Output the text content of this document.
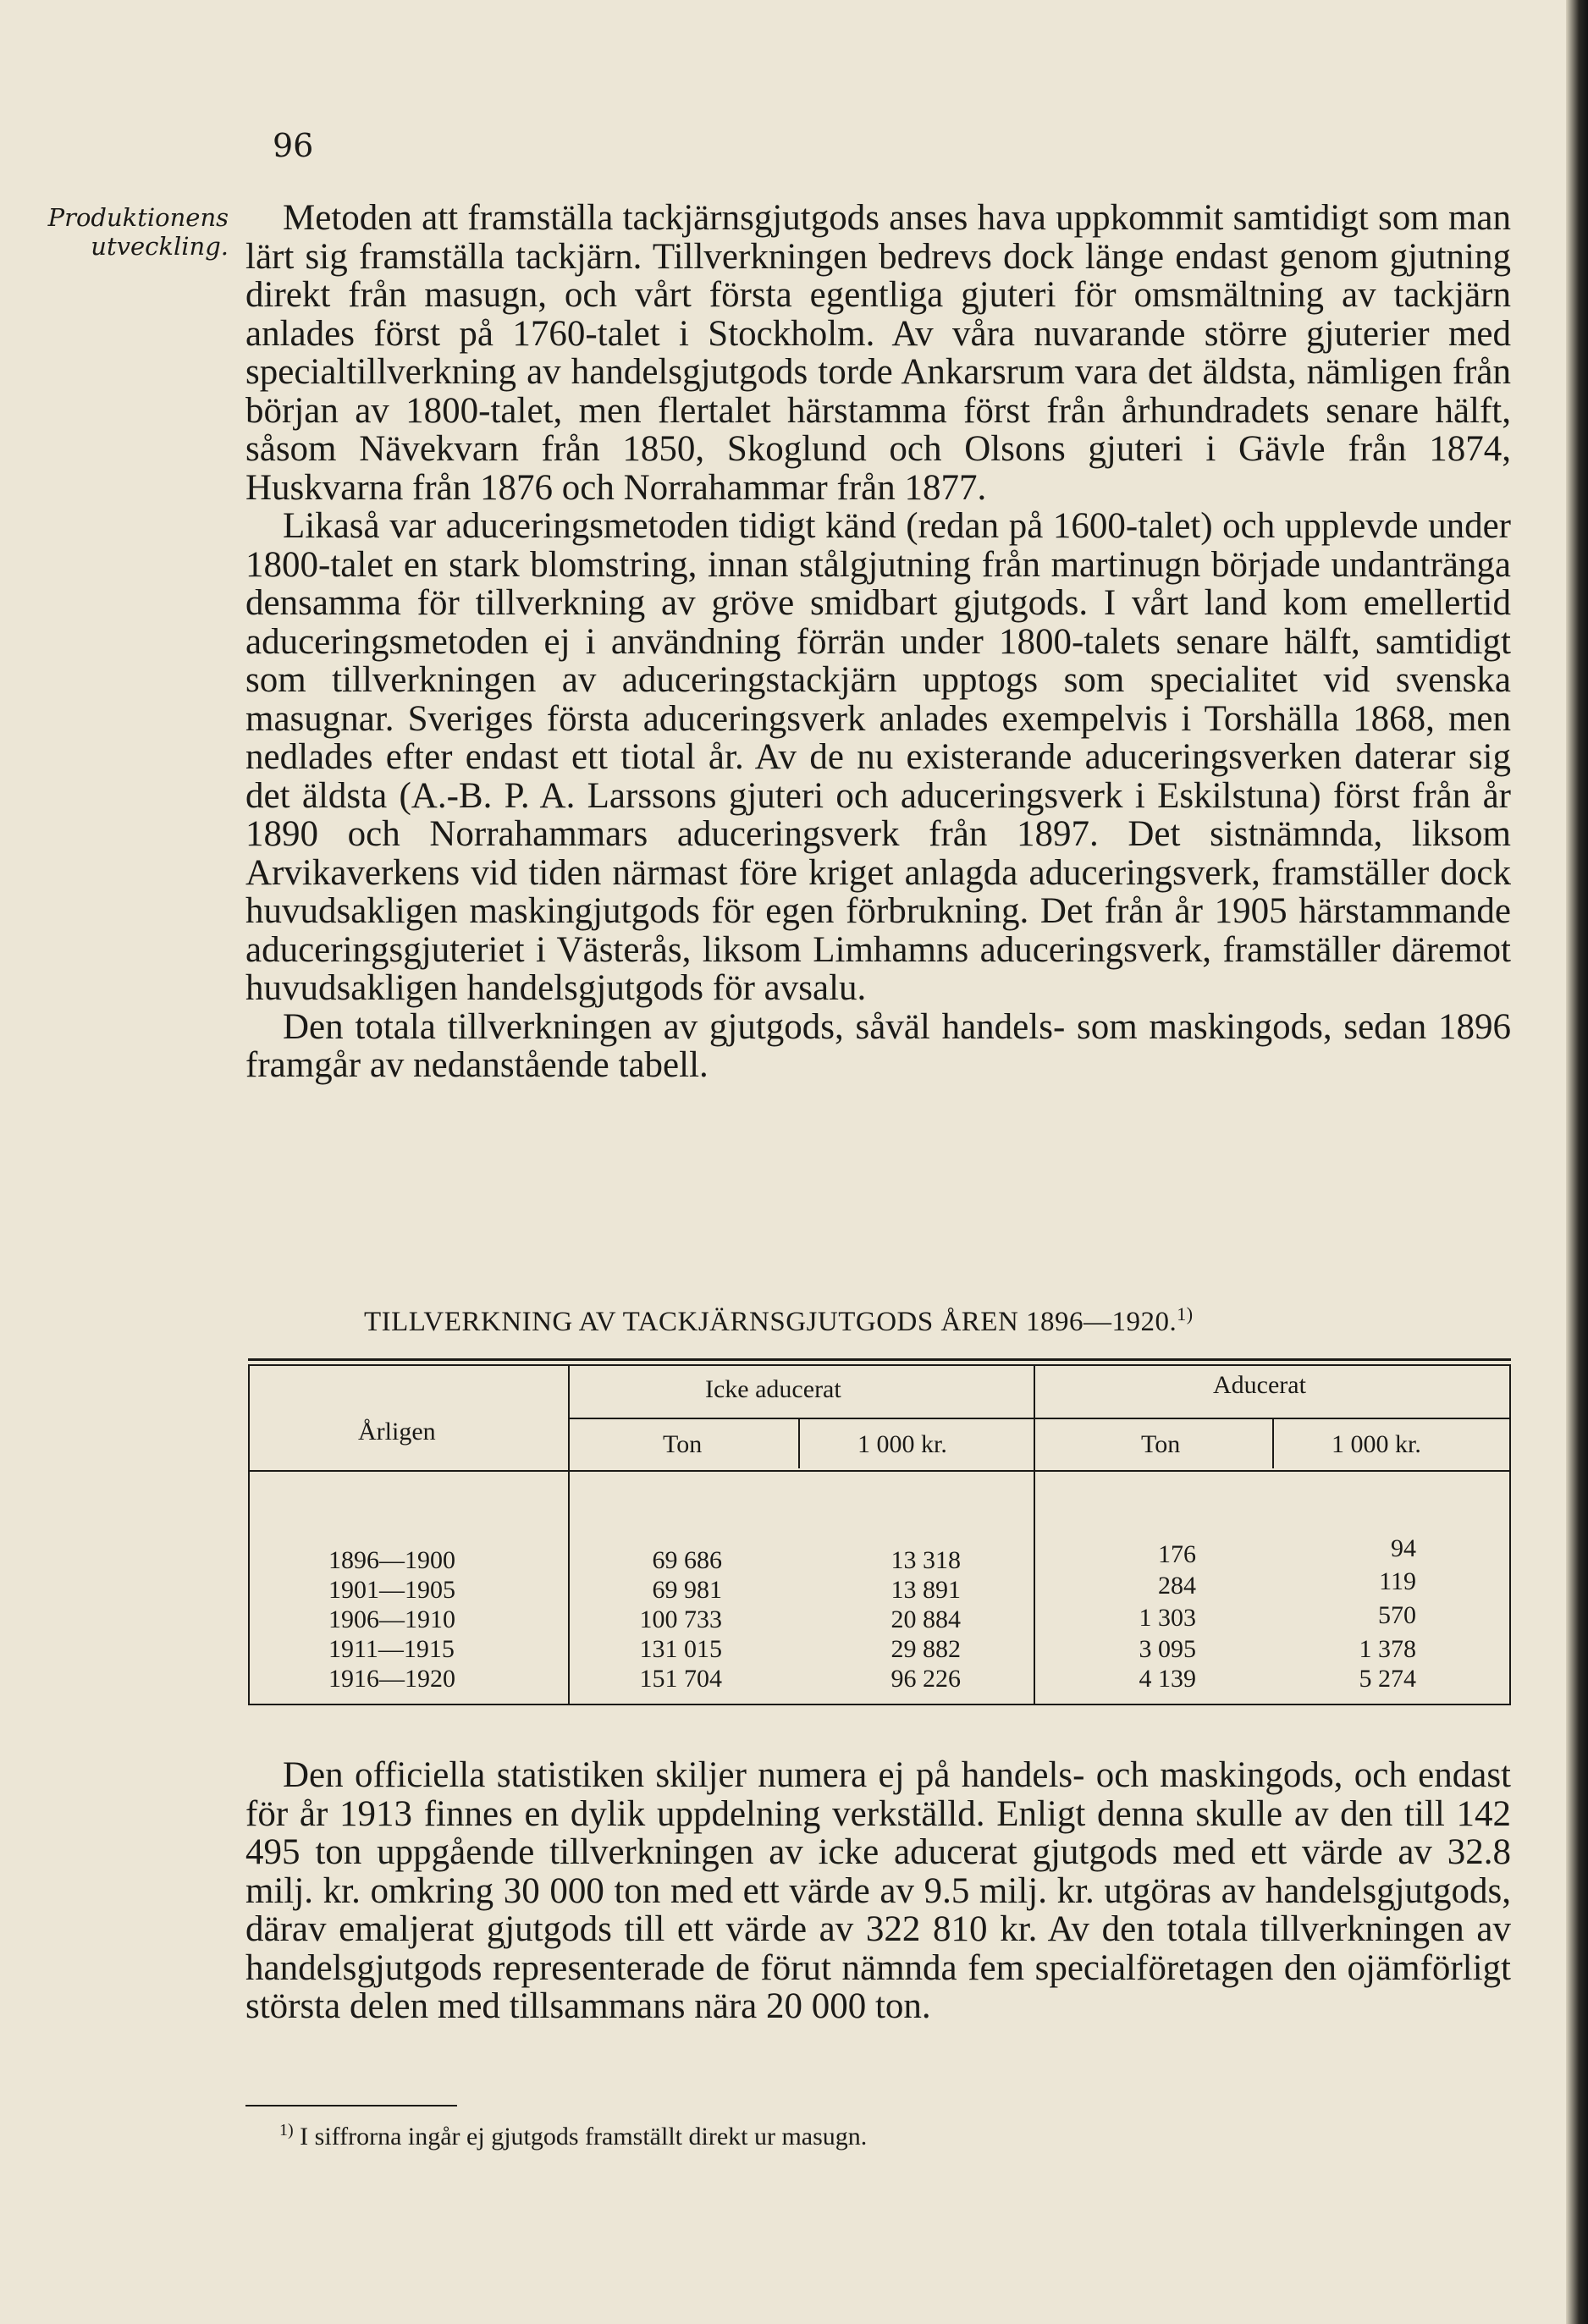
96
Produktionens
utveckling.

Metoden att framställa tackjärnsgjutgods anses hava uppkommit samtidigt som man lärt sig framställa tackjärn. Tillverkningen bedrevs dock länge endast genom gjutning direkt från masugn, och vårt första egentliga gjuteri för omsmältning av tackjärn anlades först på 1760-talet i Stockholm. Av våra nuvarande större gjuterier med specialtillverkning av handelsgjutgods torde Ankarsrum vara det äldsta, nämligen från början av 1800-talet, men flertalet härstamma först från århundradets senare hälft, såsom Nävekvarn från 1850, Skoglund och Olsons gjuteri i Gävle från 1874, Huskvarna från 1876 och Norrahammar från 1877.

Likaså var aduceringsmetoden tidigt känd (redan på 1600-talet) och upplevde under 1800-talet en stark blomstring, innan stålgjutning från martinugn började undanträngа densamma för tillverkning av gröve smidbart gjutgods. I vårt land kom emellertid aduceringsmetoden ej i användning förrän under 1800-talets senare hälft, samtidigt som tillverkningen av aduceringstackjärn upptogs som specialitet vid svenska masugnar. Sveriges första aduceringsverk anlades exempelvis i Torshälla 1868, men nedlades efter endast ett tiotal år. Av de nu existerande aduceringsverken daterar sig det äldsta (A.-B. P. A. Larssons gjuteri och aduceringsverk i Eskilstuna) först från år 1890 och Norrahammars aduceringsverk från 1897. Det sistnämnda, liksom Arvikaverkens vid tiden närmast före kriget anlagda aduceringsverk, framställer dock huvudsakligen maskingjutgods för egen förbrukning. Det från år 1905 härstammande aduceringsgjuteriet i Västerås, liksom Limhamns aduceringsverk, framställer däremot huvudsakligen handelsgjutgods för avsalu.

Den totala tillverkningen av gjutgods, såväl handels- som maskingods, sedan 1896 framgår av nedanstående tabell.

TILLVERKNING AV TACKJÄRNSGJUTGODS ÅREN 1896—1920.$^{1)}$
Årligen
Icke aducerat	Aducerat
Ton	1 000 kr.	Ton	1 000 kr.
1896—1900	69 686	13 318	176	94
1901—1905	69 981	13 891	284	119
1906—1910	100 733	20 884	1 303	570
1911—1915	131 015	29 882	3 095	1 378
1916—1920	151 704	96 226	4 139	5 274

Den officiella statistiken skiljer numera ej på handels- och maskingods, och endast för år 1913 finnes en dylik uppdelning verkställd. Enligt denna skulle av den till 142 495 ton uppgående tillverkningen av icke aducerat gjutgods med ett värde av 32.8 milj. kr. omkring 30 000 ton med ett värde av 9.5 milj. kr. utgöras av handelsgjutgods, därav emaljerat gjutgods till ett värde av 322 810 kr. Av den totala tillverkningen av handelsgjutgods representerade de förut nämnda fem specialföretagen den ojämförligt största delen med tillsammans nära 20 000 ton.

$^{1)}$ I siffrorna ingår ej gjutgods framställt direkt ur masugn.
